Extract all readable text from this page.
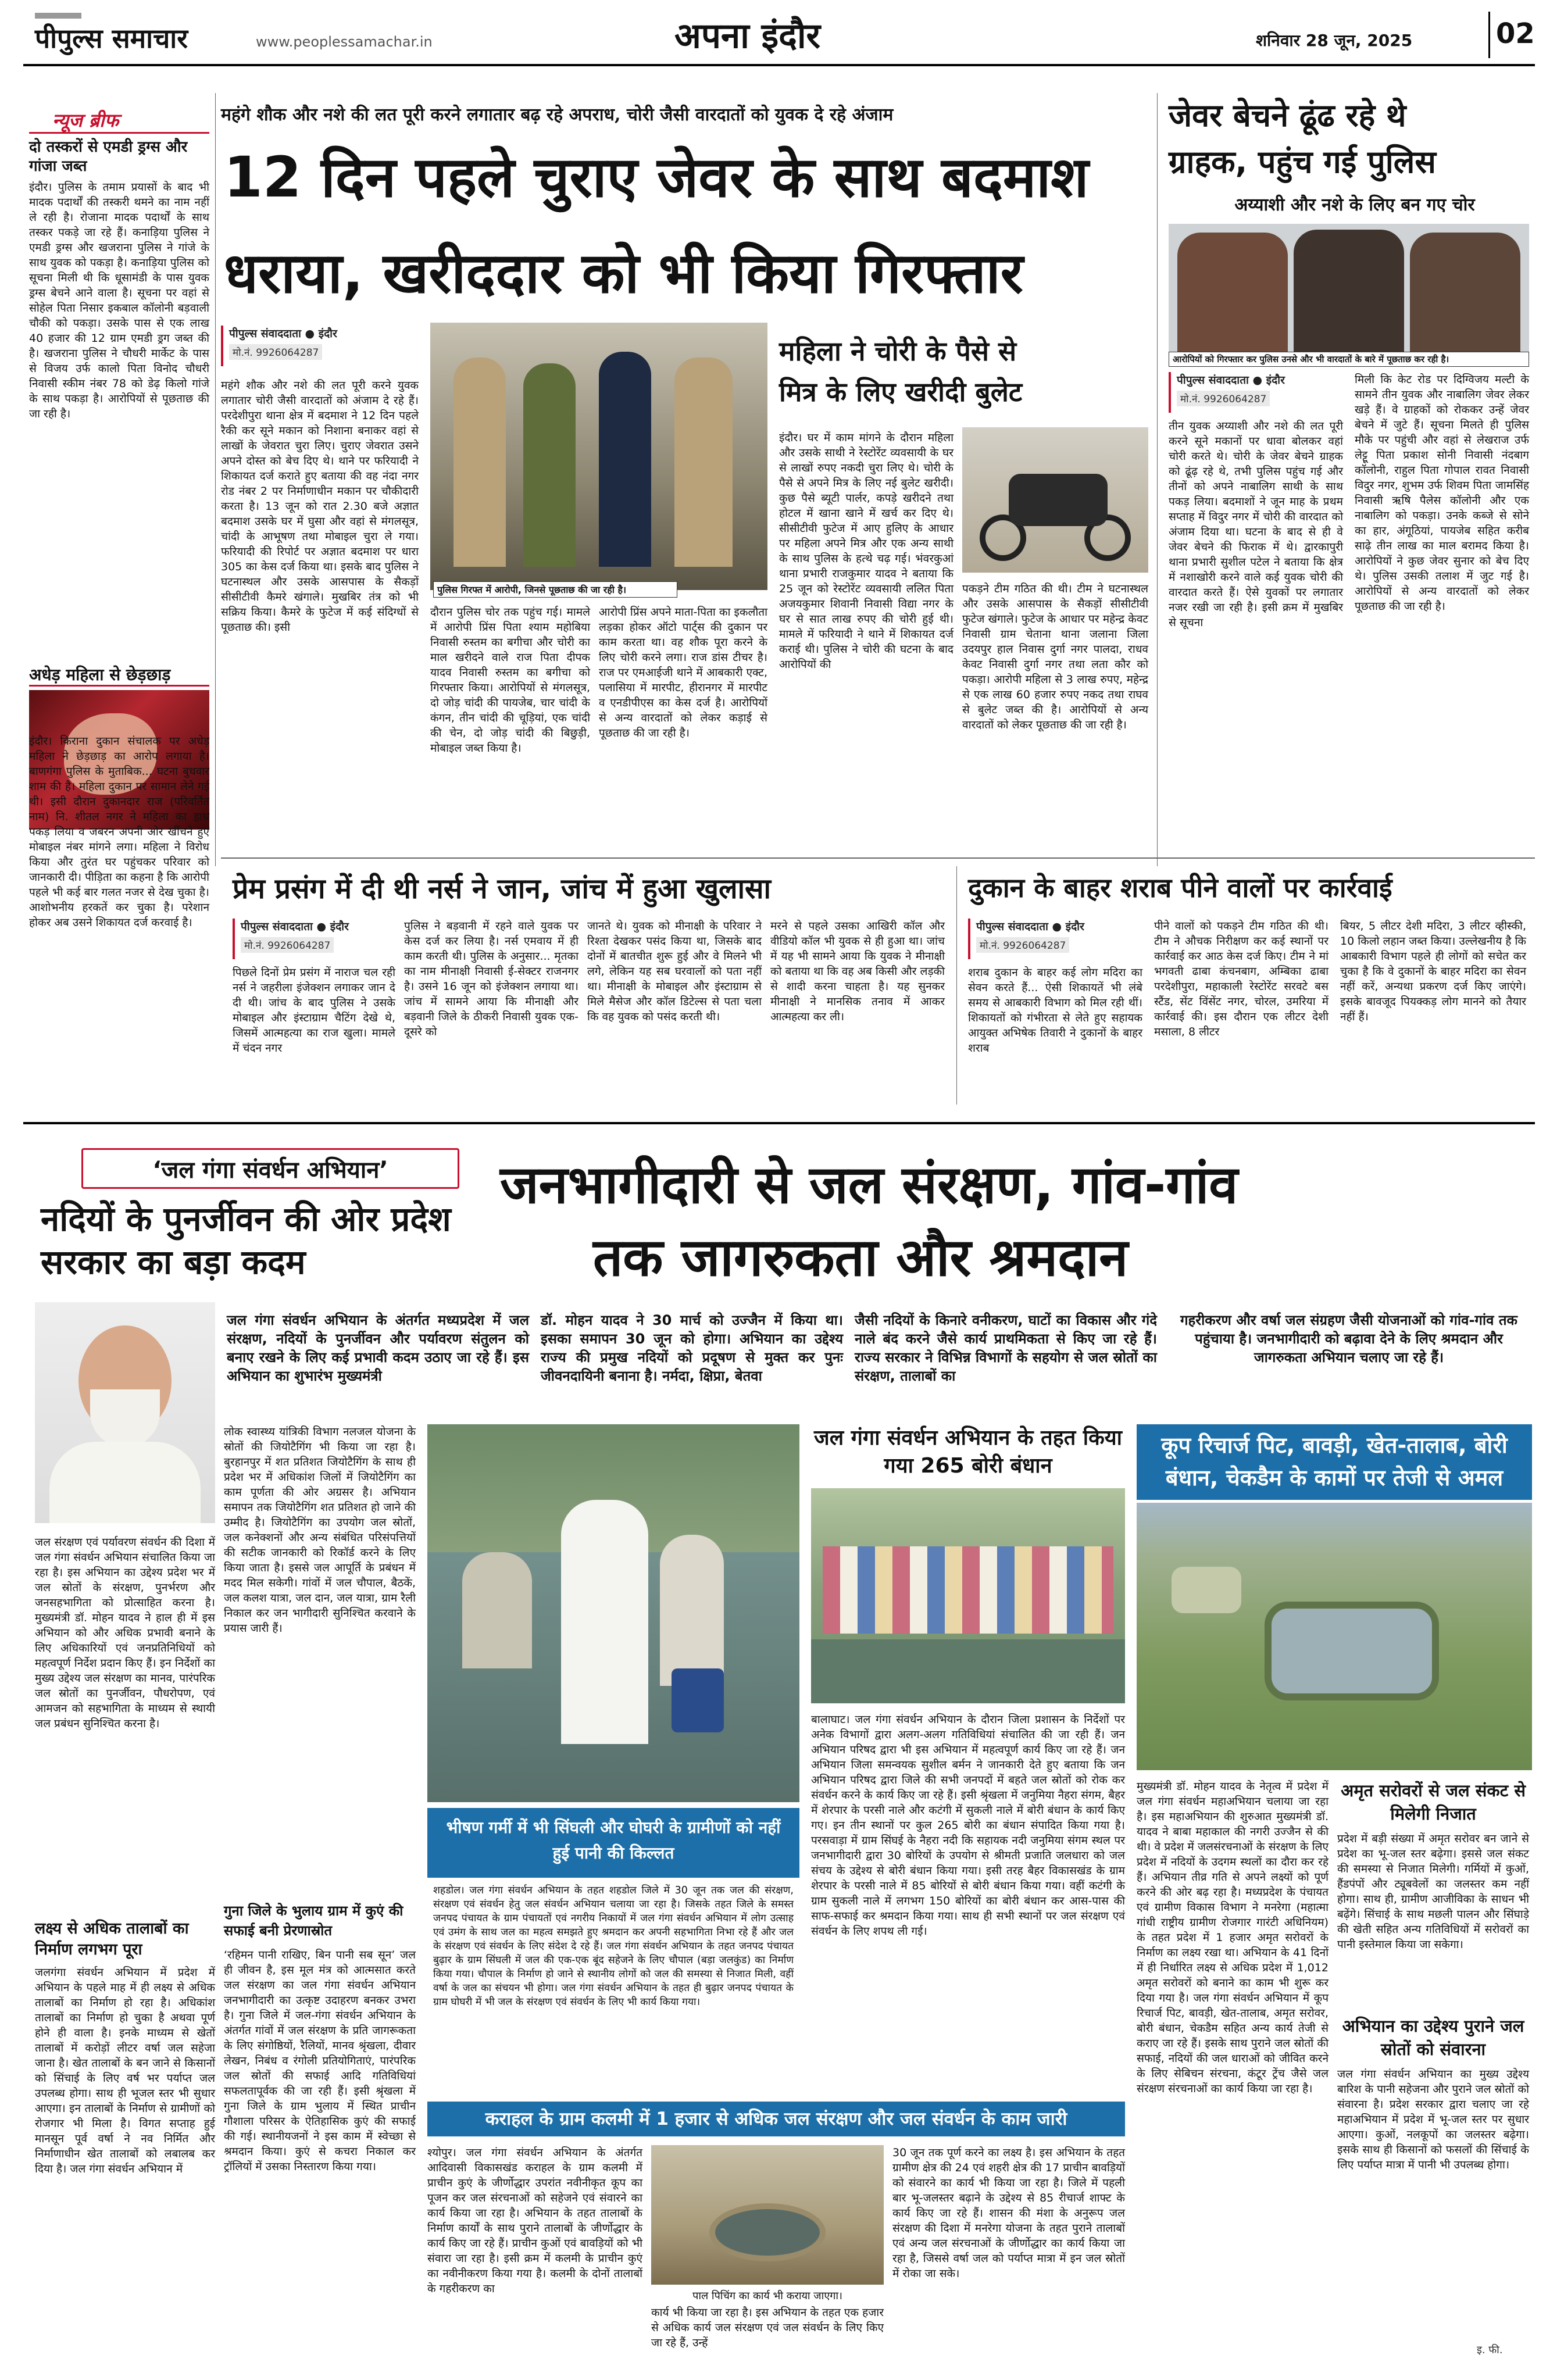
पीपुल्स समाचार	www.peoplessamachar.in	अपना इंदौर	शनिवार 28 जून, 2025	02
न्यूज ब्रीफ
दो तस्करों से एमडी ड्रग्स और गांजा जब्त
इंदौर। पुलिस के तमाम प्रयासों के बाद भी मादक पदार्थों की तस्करी थमने का नाम नहीं ले रही है। रोजाना मादक पदार्थों के साथ तस्कर पकड़े जा रहे हैं। कनाड़िया पुलिस ने एमडी ड्रग्स और खजराना पुलिस ने गांजे के साथ युवक को पकड़ा है। कनाड़िया पुलिस को सूचना मिली थी कि धूसामंडी के पास युवक ड्रग्स बेचने आने वाला है। सूचना पर वहां से सोहेल पिता निसार इकबाल कॉलोनी बड़वाली चौकी को पकड़ा। उसके पास से एक लाख 40 हजार की 12 ग्राम एमडी ड्रग जब्त की है। खजराना पुलिस ने चौधरी मार्केट के पास से विजय उर्फ कालो पिता विनोद चौधरी निवासी स्कीम नंबर 78 को डेढ़ किलो गांजे के साथ पकड़ा है। आरोपियों से पूछताछ की जा रही है।
अधेड़ महिला से छेड़छाड़
इंदौर। किराना दुकान संचालक पर अधेड़ महिला ने छेड़छाड़ का आरोप लगाया है। बाणगंगा पुलिस के मुताबिक... घटना बुधवार शाम की है। महिला दुकान पर सामान लेने गई थी। इसी दौरान दुकानदार राज (परिवर्तित नाम) नि. शीतल नगर ने महिला का हाथ पकड़ लिया व जबरन अपनी ओर खींचने हुए मोबाइल नंबर मांगने लगा। महिला ने विरोध किया और तुरंत घर पहुंचकर परिवार को जानकारी दी। पीड़िता का कहना है कि आरोपी पहले भी कई बार गलत नजर से देख चुका है। आशोभनीय हरकतें कर चुका है। परेशान होकर अब उसने शिकायत दर्ज करवाई है।
महंगे शौक और नशे की लत पूरी करने लगातार बढ़ रहे अपराध, चोरी जैसी वारदातों को युवक दे रहे अंजाम
12 दिन पहले चुराए जेवर के साथ बदमाश
धराया, खरीददार को भी किया गिरफ्तार
पीपुल्स संवाददाता ● इंदौर
मो.नं. 9926064287
महंगे शौक और नशे की लत पूरी करने युवक लगातार चोरी जैसी वारदातों को अंजाम दे रहे हैं। परदेशीपुरा थाना क्षेत्र में बदमाश ने 12 दिन पहले रैकी कर सूने मकान को निशाना बनाकर वहां से लाखों के जेवरात चुरा लिए। चुराए जेवरात उसने अपने दोस्त को बेच दिए थे। थाने पर फरियादी ने शिकायत दर्ज कराते हुए बताया की वह नंदा नगर रोड नंबर 2 पर निर्माणाधीन मकान पर चौकीदारी करता है। 13 जून को रात 2.30 बजे अज्ञात बदमाश उसके घर में घुसा और वहां से मंगलसूत्र, चांदी के आभूषण तथा मोबाइल चुरा ले गया। फरियादी की रिपोर्ट पर अज्ञात बदमाश पर धारा 305 का केस दर्ज किया था। इसके बाद पुलिस ने घटनास्थल और उसके आसपास के सैकड़ों सीसीटीवी कैमरे खंगाले। मुखबिर तंत्र को भी सक्रिय किया। कैमरे के फुटेज में कई संदिग्धों से पूछताछ की। इसी
पुलिस गिरफ्त में आरोपी, जिनसे पूछताछ की जा रही है।
दौरान पुलिस चोर तक पहुंच गई। मामले में आरोपी प्रिंस पिता श्याम महोबिया निवासी रुस्तम का बगीचा और चोरी का माल खरीदने वाले राज पिता दीपक यादव निवासी रुस्तम का बगीचा को गिरफ्तार किया। आरोपियों से मंगलसूत्र, दो जोड़ चांदी की पायजेब, चार चांदी के कंगन, तीन चांदी की चूड़ियां, एक चांदी की चेन, दो जोड़ चांदी की बिछुड़ी, मोबाइल जब्त किया है।
आरोपी प्रिंस अपने माता-पिता का इकलौता लड़का होकर ऑटो पार्ट्स की दुकान पर काम करता था। वह शौक पूरा करने के लिए चोरी करने लगा। राज डांस टीचर है। राज पर एमआईजी थाने में आबकारी एक्ट, पलासिया में मारपीट, हीरानगर में मारपीट व एनडीपीएस का केस दर्ज है। आरोपियों से अन्य वारदातों को लेकर कड़ाई से पूछताछ की जा रही है।
महिला ने चोरी के पैसे से
मित्र के लिए खरीदी बुलेट
इंदौर। घर में काम मांगने के दौरान महिला और उसके साथी ने रेस्टोरेंट व्यवसायी के घर से लाखों रुपए नकदी चुरा लिए थे। चोरी के पैसे से अपने मित्र के लिए नई बुलेट खरीदी। कुछ पैसे ब्यूटी पार्लर, कपड़े खरीदने तथा होटल में खाना खाने में खर्च कर दिए थे। सीसीटीवी फुटेज में आए हुलिए के आधार पर महिला अपने मित्र और एक अन्य साथी के साथ पुलिस के हत्थे चढ़ गई। भंवरकुआं थाना प्रभारी राजकुमार यादव ने बताया कि 25 जून को रेस्टोरेंट व्यवसायी ललित पिता अजयकुमार शिवानी निवासी विद्या नगर के घर से सात लाख रुपए की चोरी हुई थी। मामले में फरियादी ने थाने में शिकायत दर्ज कराई थी। पुलिस ने चोरी की घटना के बाद आरोपियों की
पकड़ने टीम गठित की थी। टीम ने घटनास्थल और उसके आसपास के सैकड़ों सीसीटीवी फुटेज खंगाले। फुटेज के आधार पर महेन्द्र केवट निवासी ग्राम चेताना थाना जलाना जिला उदयपुर हाल निवास दुर्गा नगर पालदा, राधव केवट निवासी दुर्गा नगर तथा लता कौर को पकड़ा। आरोपी महिला से 3 लाख रुपए, महेन्द्र से एक लाख 60 हजार रुपए नकद तथा राघव से बुलेट जब्त की है। आरोपियों से अन्य वारदातों को लेकर पूछताछ की जा रही है।
जेवर बेचने ढूंढ रहे थे
ग्राहक, पहुंच गई पुलिस
अय्याशी और नशे के लिए बन गए चोर
आरोपियों को गिरफ्तार कर पुलिस उनसे और भी वारदातों के बारे में पूछताछ कर रही है।
पीपुल्स संवाददाता ● इंदौर
मो.नं. 9926064287
तीन युवक अय्याशी और नशे की लत पूरी करने सूने मकानों पर धावा बोलकर वहां चोरी करते थे। चोरी के जेवर बेचने ग्राहक को ढूंढ़ रहे थे, तभी पुलिस पहुंच गई और तीनों को अपने नाबालिग साथी के साथ पकड़ लिया। बदमाशों ने जून माह के प्रथम सप्ताह में विदुर नगर में चोरी की वारदात को अंजाम दिया था। घटना के बाद से ही वे जेवर बेचने की फिराक में थे। द्वारकापुरी थाना प्रभारी सुशील पटेल ने बताया कि क्षेत्र में नशाखोरी करने वाले कई युवक चोरी की वारदात करते हैं। ऐसे युवकों पर लगातार नजर रखी जा रही है। इसी क्रम में मुखबिर से सूचना
मिली कि केट रोड पर दिग्विजय मल्टी के सामने तीन युवक और नाबालिग जेवर लेकर खड़े हैं। वे ग्राहकों को रोककर उन्हें जेवर बेचने में जुटे हैं। सूचना मिलते ही पुलिस मौके पर पहुंची और वहां से लेखराज उर्फ लेट्टू पिता प्रकाश सोनी निवासी नंदबाग कॉलोनी, राहुल पिता गोपाल रावत निवासी विदुर नगर, शुभम उर्फ शिवम पिता जामसिंह निवासी ऋषि पैलेस कॉलोनी और एक नाबालिग को पकड़ा। उनके कब्जे से सोने का हार, अंगूठियां, पायजेब सहित करीब साढ़े तीन लाख का माल बरामद किया है। आरोपियों ने कुछ जेवर सुनार को बेच दिए थे। पुलिस उसकी तलाश में जुट गई है। आरोपियों से अन्य वारदातों को लेकर पूछताछ की जा रही है।
प्रेम प्रसंग में दी थी नर्स ने जान, जांच में हुआ खुलासा
पीपुल्स संवाददाता ● इंदौर
मो.नं. 9926064287
पिछले दिनों प्रेम प्रसंग में नाराज चल रही नर्स ने जहरीला इंजेक्शन लगाकर जान दे दी थी। जांच के बाद पुलिस ने उसके मोबाइल और इंस्टाग्राम चैटिंग देखे थे, जिसमें आत्महत्या का राज खुला। मामले में चंदन नगर
पुलिस ने बड़वानी में रहने वाले युवक पर केस दर्ज कर लिया है। नर्स एमवाय में ही काम करती थी। पुलिस के अनुसार... मृतका का नाम मीनाक्षी निवासी ई-सेक्टर राजनगर है। उसने 16 जून को इंजेक्शन लगाया था। जांच में सामने आया कि मीनाक्षी और बड़वानी जिले के ठीकरी निवासी युवक एक-दूसरे को
जानते थे। युवक को मीनाक्षी के परिवार ने रिश्ता देखकर पसंद किया था, जिसके बाद दोनों में बातचीत शुरू हुई और वे मिलने भी लगे, लेकिन यह सब घरवालों को पता नहीं था। मीनाक्षी के मोबाइल और इंस्टाग्राम से मिले मैसेज और कॉल डिटेल्स से पता चला कि वह युवक को पसंद करती थी।
मरने से पहले उसका आखिरी कॉल और वीडियो कॉल भी युवक से ही हुआ था। जांच में यह भी सामने आया कि युवक ने मीनाक्षी को बताया था कि वह अब किसी और लड़की से शादी करना चाहता है। यह सुनकर मीनाक्षी ने मानसिक तनाव में आकर आत्महत्या कर ली।
दुकान के बाहर शराब पीने वालों पर कार्रवाई
पीपुल्स संवाददाता ● इंदौर
मो.नं. 9926064287
शराब दुकान के बाहर कई लोग मदिरा का सेवन करते हैं... ऐसी शिकायतें भी लंबे समय से आबकारी विभाग को मिल रही थीं। शिकायतों को गंभीरता से लेते हुए सहायक आयुक्त अभिषेक तिवारी ने दुकानों के बाहर शराब
पीने वालों को पकड़ने टीम गठित की थी। टीम ने औचक निरीक्षण कर कई स्थानों पर कार्रवाई कर आठ केस दर्ज किए। टीम ने मां भगवती ढाबा कंचनबाग, अम्बिका ढाबा परदेशीपुरा, महाकाली रेस्टोरेंट सरवटे बस स्टैंड, सेंट विंसेंट नगर, चोरल, उमरिया में कार्रवाई की। इस दौरान एक लीटर देशी मसाला, 8 लीटर
बियर, 5 लीटर देशी मदिरा, 3 लीटर व्हीस्की, 10 किलो लहान जब्त किया। उल्लेखनीय है कि आबकारी विभाग पहले ही लोगों को सचेत कर चुका है कि वे दुकानों के बाहर मदिरा का सेवन नहीं करें, अन्यथा प्रकरण दर्ज किए जाएंगे। इसके बावजूद पियक्कड़ लोग मानने को तैयार नहीं हैं।
‘जल गंगा संवर्धन अभियान’
नदियों के पुनर्जीवन की ओर प्रदेश सरकार का बड़ा कदम
जनभागीदारी से जल संरक्षण, गांव-गांव
तक जागरुकता और श्रमदान
जल गंगा संवर्धन अभियान के अंतर्गत मध्यप्रदेश में जल संरक्षण, नदियों के पुनर्जीवन और पर्यावरण संतुलन को बनाए रखने के लिए कई प्रभावी कदम उठाए जा रहे हैं। इस अभियान का शुभारंभ मुख्यमंत्री
डॉ. मोहन यादव ने 30 मार्च को उज्जैन में किया था। इसका समापन 30 जून को होगा। अभियान का उद्देश्य राज्य की प्रमुख नदियों को प्रदूषण से मुक्त कर पुनः जीवनदायिनी बनाना है। नर्मदा, क्षिप्रा, बेतवा
जैसी नदियों के किनारे वनीकरण, घाटों का विकास और गंदे नाले बंद करने जैसे कार्य प्राथमिकता से किए जा रहे हैं। राज्य सरकार ने विभिन्न विभागों के सहयोग से जल स्रोतों का संरक्षण, तालाबों का
गहरीकरण और वर्षा जल संग्रहण जैसी योजनाओं को गांव-गांव तक पहुंचाया है। जनभागीदारी को बढ़ावा देने के लिए श्रमदान और जागरुकता अभियान चलाए जा रहे हैं।
जल संरक्षण एवं पर्यावरण संवर्धन की दिशा में जल गंगा संवर्धन अभियान संचालित किया जा रहा है। इस अभियान का उद्देश्य प्रदेश भर में जल स्रोतों के संरक्षण, पुनर्भरण और जनसहभागिता को प्रोत्साहित करना है। मुख्यमंत्री डॉ. मोहन यादव ने हाल ही में इस अभियान को और अधिक प्रभावी बनाने के लिए अधिकारियों एवं जनप्रतिनिधियों को महत्वपूर्ण निर्देश प्रदान किए हैं। इन निर्देशों का मुख्य उद्देश्य जल संरक्षण का मानव, पारंपरिक जल स्रोतों का पुनर्जीवन, पौधरोपण, एवं आमजन को सहभागिता के माध्यम से स्थायी जल प्रबंधन सुनिश्चित करना है।
लक्ष्य से अधिक तालाबों का निर्माण लगभग पूरा
जलगंगा संवर्धन अभियान में प्रदेश में अभियान के पहले माह में ही लक्ष्य से अधिक तालाबों का निर्माण हो रहा है। अधिकांश तालाबों का निर्माण हो चुका है अथवा पूर्ण होने ही वाला है। इनके माध्यम से खेतों तालाबों में करोड़ों लीटर वर्षा जल सहेजा जाना है। खेत तालाबों के बन जाने से किसानों को सिंचाई के लिए वर्ष भर पर्याप्त जल उपलब्ध होगा। साथ ही भूजल स्तर भी सुधार आएगा। इन तालाबों के निर्माण से ग्रामीणों को रोजगार भी मिला है। विगत सप्ताह हुई मानसून पूर्व वर्षा ने नव निर्मित और निर्माणाधीन खेत तालाबों को लबालब कर दिया है। जल गंगा संवर्धन अभियान में
लोक स्वास्थ्य यांत्रिकी विभाग नलजल योजना के स्रोतों की जियोटैगिंग भी किया जा रहा है। बुरहानपुर में शत प्रतिशत जियोटैगिंग के साथ ही प्रदेश भर में अधिकांश जिलों में जियोटैगिंग का काम पूर्णता की ओर अग्रसर है। अभियान समापन तक जियोटैगिंग शत प्रतिशत हो जाने की उम्मीद है। जियोटैगिंग का उपयोग जल स्रोतों, जल कनेक्शनों और अन्य संबंधित परिसंपत्तियों की सटीक जानकारी को रिकॉर्ड करने के लिए किया जाता है। इससे जल आपूर्ति के प्रबंधन में मदद मिल सकेगी। गांवों में जल चौपाल, बैठकें, जल कलश यात्रा, जल दान, जल यात्रा, ग्राम रैली निकाल कर जन भागीदारी सुनिश्चित करवाने के प्रयास जारी हैं।
गुना जिले के भुलाय ग्राम में कुएं की सफाई बनी प्रेरणास्रोत
‘रहिमन पानी राखिए, बिन पानी सब सून’ जल ही जीवन है, इस मूल मंत्र को आत्मसात करते जल संरक्षण का जल गंगा संवर्धन अभियान जनभागीदारी का उत्कृष्ट उदाहरण बनकर उभरा है। गुना जिले में जल-गंगा संवर्धन अभियान के अंतर्गत गांवों में जल संरक्षण के प्रति जागरूकता के लिए संगोष्ठियों, रैलियों, मानव श्रृंखला, दीवार लेखन, निबंध व रंगोली प्रतियोगिताएं, पारंपरिक जल स्रोतों की सफाई आदि गतिविधियां सफलतापूर्वक की जा रही हैं। इसी श्रृंखला में गुना जिले के ग्राम भुलाय में स्थित प्राचीन गौशाला परिसर के ऐतिहासिक कुएं की सफाई की गई। स्थानीयजनों ने इस काम में स्वेच्छा से श्रमदान किया। कुएं से कचरा निकाल कर ट्रॉलियों में उसका निस्तारण किया गया।
भीषण गर्मी में भी सिंघली और घोघरी के ग्रामीणों को नहीं हुई पानी की किल्लत
शहडोल। जल गंगा संवर्धन अभियान के तहत शहडोल जिले में 30 जून तक जल की संरक्षण, संरक्षण एवं संवर्धन हेतु जल संवर्धन अभियान चलाया जा रहा है। जिसके तहत जिले के समस्त जनपद पंचायत के ग्राम पंचायतों एवं नगरीय निकायों में जल गंगा संवर्धन अभियान में लोग उत्साह एवं उमंग के साथ जल का महत्व समझते हुए श्रमदान कर अपनी सहभागिता निभा रहे हैं और जल के संरक्षण एवं संवर्धन के लिए संदेश दे रहे हैं। जल गंगा संवर्धन अभियान के तहत जनपद पंचायत बुढ़ार के ग्राम सिंघली में जल की एक-एक बूंद सहेजने के लिए चौपाल (बड़ा जलकुंड) का निर्माण किया गया। चौपाल के निर्माण हो जाने से स्थानीय लोगों को जल की समस्या से निजात मिली, वहीं वर्षा के जल का संचयन भी होगा। जल गंगा संवर्धन अभियान के तहत ही बुढ़ार जनपद पंचायत के ग्राम घोघरी में भी जल के संरक्षण एवं संवर्धन के लिए भी कार्य किया गया।
जल गंगा संवर्धन अभियान के तहत किया गया 265 बोरी बंधान
बालाघाट। जल गंगा संवर्धन अभियान के दौरान जिला प्रशासन के निर्देशों पर अनेक विभागों द्वारा अलग-अलग गतिविधियां संचालित की जा रही हैं। जन अभियान परिषद द्वारा भी इस अभियान में महत्वपूर्ण कार्य किए जा रहे हैं। जन अभियान जिला समन्वयक सुशील बर्मन ने जानकारी देते हुए बताया कि जन अभियान परिषद द्वारा जिले की सभी जनपदों में बहते जल स्रोतों को रोक कर संवर्धन करने के कार्य किए जा रहे हैं। इसी श्रृंखला में जनुमिया नैहरा संगम, बैहर में शेरपार के परसी नाले और कटंगी में सुकली नाले में बोरी बंधान के कार्य किए गए। इन तीन स्थानों पर कुल 265 बोरी का बंधान संपादित किया गया है। परसवाड़ा में ग्राम सिंघई के नैहरा नदी कि सहायक नदी जनुमिया संगम स्थल पर जनभागीदारी द्वारा 30 बोरियों के उपयोग से श्रीमती प्रजाति जलधारा को जल संचय के उद्देश्य से बोरी बंधान किया गया। इसी तरह बैहर विकासखंड के ग्राम शेरपार के परसी नाले में 85 बोरियों से बोरी बंधान किया गया। वहीं कटंगी के ग्राम सुकली नाले में लगभग 150 बोरियों का बोरी बंधान कर आस-पास की साफ-सफाई कर श्रमदान किया गया। साथ ही सभी स्थानों पर जल संरक्षण एवं संवर्धन के लिए शपथ ली गई।
कूप रिचार्ज पिट, बावड़ी, खेत-तालाब, बोरी बंधान, चेकडैम के कामों पर तेजी से अमल
मुख्यमंत्री डॉ. मोहन यादव के नेतृत्व में प्रदेश में जल गंगा संवर्धन महाअभियान चलाया जा रहा है। इस महाअभियान की शुरुआत मुख्यमंत्री डॉ. यादव ने बाबा महाकाल की नगरी उज्जैन से की थी। वे प्रदेश में जलसंरचनाओं के संरक्षण के लिए प्रदेश में नदियों के उदगम स्थलों का दौरा कर रहे हैं। अभियान तीव्र गति से अपने लक्ष्यों को पूर्ण करने की ओर बढ़ रहा है। मध्यप्रदेश के पंचायत एवं ग्रामीण विकास विभाग ने मनरेगा (महात्मा गांधी राष्ट्रीय ग्रामीण रोजगार गारंटी अधिनियम) के तहत प्रदेश में 1 हजार अमृत सरोवरों के निर्माण का लक्ष्य रखा था। अभियान के 41 दिनों में ही निर्धारित लक्ष्य से अधिक प्रदेश में 1,012 अमृत सरोवरों को बनाने का काम भी शुरू कर दिया गया है। जल गंगा संवर्धन अभियान में कूप रिचार्ज पिट, बावड़ी, खेत-तालाब, अमृत सरोवर, बोरी बंधान, चेकडैम सहित अन्य कार्य तेजी से कराए जा रहे हैं। इसके साथ पुराने जल स्रोतों की सफाई, नदियों की जल धाराओं को जीवित करने के लिए सेबिचन संरचना, कंटूर ट्रेंच जैसे जल संरक्षण संरचनाओं का कार्य किया जा रहा है।
अमृत सरोवरों से जल संकट से मिलेगी निजात
प्रदेश में बड़ी संख्या में अमृत सरोवर बन जाने से प्रदेश का भू-जल स्तर बढ़ेगा। इससे जल संकट की समस्या से निजात मिलेगी। गर्मियों में कुओं, हैंडपंपों और ट्यूबवेलों का जलस्तर कम नहीं होगा। साथ ही, ग्रामीण आजीविका के साधन भी बढ़ेंगे। सिंचाई के साथ मछली पालन और सिंघाड़े की खेती सहित अन्य गतिविधियों में सरोवरों का पानी इस्तेमाल किया जा सकेगा।
अभियान का उद्देश्य पुराने जल स्रोतों को संवारना
जल गंगा संवर्धन अभियान का मुख्य उद्देश्य बारिश के पानी सहेजना और पुराने जल स्रोतों को संवारना है। प्रदेश सरकार द्वारा चलाए जा रहे महाअभियान में प्रदेश में भू-जल स्तर पर सुधार आएगा। कुओं, नलकूपों का जलस्तर बढ़ेगा। इसके साथ ही किसानों को फसलों की सिंचाई के लिए पर्याप्त मात्रा में पानी भी उपलब्ध होगा।
कराहल के ग्राम कलमी में 1 हजार से अधिक जल संरक्षण और जल संवर्धन के काम जारी
श्योपुर। जल गंगा संवर्धन अभियान के अंतर्गत आदिवासी विकासखंड कराहल के ग्राम कलमी में प्राचीन कुएं के जीर्णोद्धार उपरांत नवीनीकृत कूप का पूजन कर जल संरचनाओं को सहेजने एवं संवारने का कार्य किया जा रहा है। अभियान के तहत तालाबों के निर्माण कार्यों के साथ पुराने तालाबों के जीर्णोद्धार के कार्य किए जा रहे हैं। प्राचीन कुओं एवं बावड़ियों को भी संवारा जा रहा है। इसी क्रम में कलमी के प्राचीन कुएं का नवीनीकरण किया गया है। कलमी के दोनों तालाबों के गहरीकरण का
पाल पिचिंग का कार्य भी कराया जाएगा।
कार्य भी किया जा रहा है। इस अभियान के तहत एक हजार से अधिक कार्य जल संरक्षण एवं जल संवर्धन के लिए किए जा रहे हैं, उन्हें
30 जून तक पूर्ण करने का लक्ष्य है। इस अभियान के तहत ग्रामीण क्षेत्र की 24 एवं शहरी क्षेत्र की 17 प्राचीन बावड़ियों को संवारने का कार्य भी किया जा रहा है। जिले में पहली बार भू-जलस्तर बढ़ाने के उद्देश्य से 85 रीचार्ज शाफ्ट के कार्य किए जा रहे हैं। शासन की मंशा के अनुरूप जल संरक्षण की दिशा में मनरेगा योजना के तहत पुराने तालाबों एवं अन्य जल संरचनाओं के जीर्णोद्धार का कार्य किया जा रहा है, जिससे वर्षा जल को पर्याप्त मात्रा में इन जल स्रोतों में रोका जा सके।
इ. फी.
